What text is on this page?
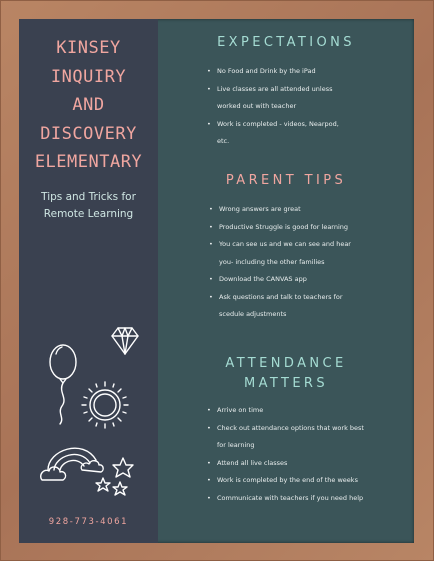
KINSEY
INQUIRY
AND
DISCOVERY
ELEMENTARY
Tips and Tricks for
Remote Learning
928-773-4061
EXPECTATIONS
• No Food and Drink by the iPad
• Live classes are all attended unless
worked out with teacher
• Work is completed - videos, Nearpod,
etc.
PARENT TIPS
• Wrong answers are great
• Productive Struggle is good for learning
• You can see us and we can see and hear
you- including the other families
• Download the CANVAS app
• Ask questions and talk to teachers for
scedule adjustments
ATTENDANCE
MATTERS
• Arrive on time
• Check out attendance options that work best
for learning
• Attend all live classes
• Work is completed by the end of the weeks
• Communicate with teachers if you need help
